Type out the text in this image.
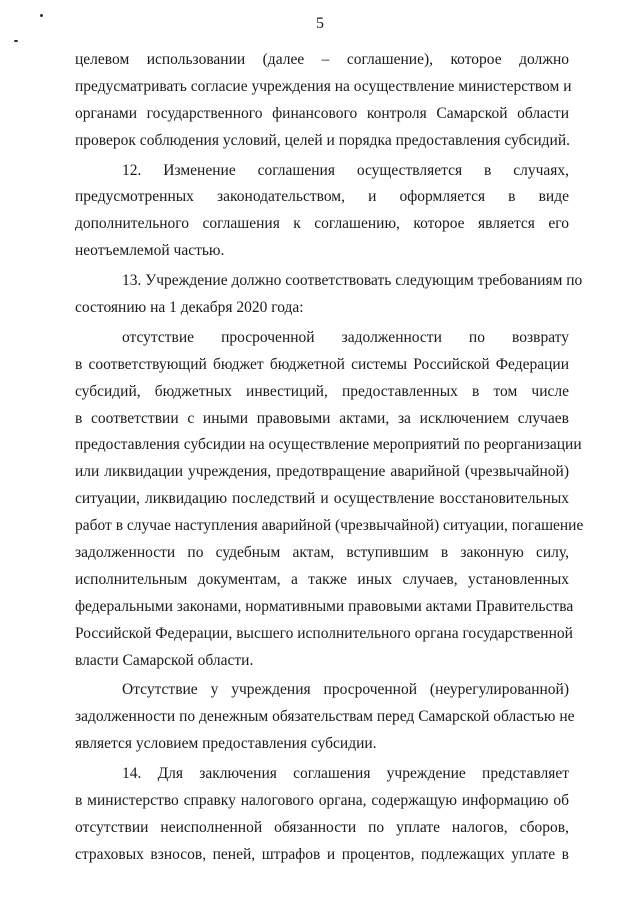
5
целевом использовании (далее – соглашение), которое должно
предусматривать согласие учреждения на осуществление министерством и
органами государственного финансового контроля Самарской области
проверок соблюдения условий, целей и порядка предоставления субсидий.
12. Изменение соглашения осуществляется в случаях,
предусмотренных законодательством, и оформляется в виде
дополнительного соглашения к соглашению, которое является его
неотъемлемой частью.
13. Учреждение должно соответствовать следующим требованиям по
состоянию на 1 декабря 2020 года:
отсутствие просроченной задолженности по возврату
в соответствующий бюджет бюджетной системы Российской Федерации
субсидий, бюджетных инвестиций, предоставленных в том числе
в соответствии с иными правовыми актами, за исключением случаев
предоставления субсидии на осуществление мероприятий по реорганизации
или ликвидации учреждения, предотвращение аварийной (чрезвычайной)
ситуации, ликвидацию последствий и осуществление восстановительных
работ в случае наступления аварийной (чрезвычайной) ситуации, погашение
задолженности по судебным актам, вступившим в законную силу,
исполнительным документам, а также иных случаев, установленных
федеральными законами, нормативными правовыми актами Правительства
Российской Федерации, высшего исполнительного органа государственной
власти Самарской области.
Отсутствие у учреждения просроченной (неурегулированной)
задолженности по денежным обязательствам перед Самарской областью не
является условием предоставления субсидии.
14. Для заключения соглашения учреждение представляет
в министерство справку налогового органа, содержащую информацию об
отсутствии неисполненной обязанности по уплате налогов, сборов,
страховых взносов, пеней, штрафов и процентов, подлежащих уплате в
